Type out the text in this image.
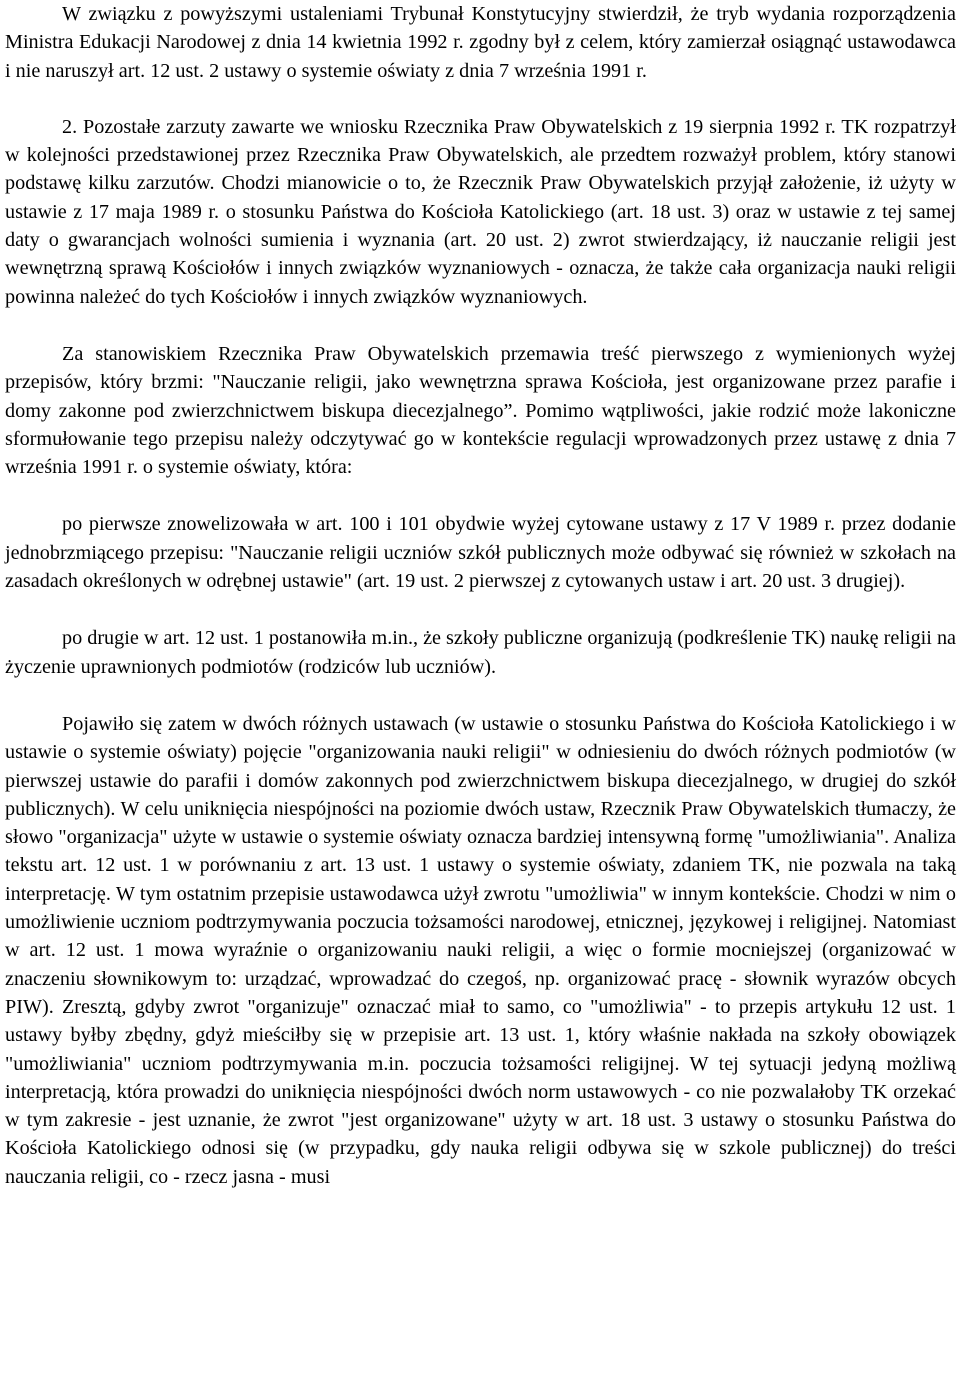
W związku z powyższymi ustaleniami Trybunał Konstytucyjny stwierdził, że tryb wydania rozporządzenia Ministra Edukacji Narodowej z dnia 14 kwietnia 1992 r. zgodny był z celem, który zamierzał osiągnąć ustawodawca i nie naruszył art. 12 ust. 2 ustawy o systemie oświaty z dnia 7 września 1991 r.

2. Pozostałe zarzuty zawarte we wniosku Rzecznika Praw Obywatelskich z 19 sierpnia 1992 r. TK rozpatrzył w kolejności przedstawionej przez Rzecznika Praw Obywatelskich, ale przedtem rozważył problem, który stanowi podstawę kilku zarzutów. Chodzi mianowicie o to, że Rzecznik Praw Obywatelskich przyjął założenie, iż użyty w ustawie z 17 maja 1989 r. o stosunku Państwa do Kościoła Katolickiego (art. 18 ust. 3) oraz w ustawie z tej samej daty o gwarancjach wolności sumienia i wyznania (art. 20 ust. 2) zwrot stwierdzający, iż nauczanie religii jest wewnętrzną sprawą Kościołów i innych związków wyznaniowych - oznacza, że także cała organizacja nauki religii powinna należeć do tych Kościołów i innych związków wyznaniowych.

Za stanowiskiem Rzecznika Praw Obywatelskich przemawia treść pierwszego z wymienionych wyżej przepisów, który brzmi: "Nauczanie religii, jako wewnętrzna sprawa Kościoła, jest organizowane przez parafie i domy zakonne pod zwierzchnictwem biskupa diecezjalnego”. Pomimo wątpliwości, jakie rodzić może lakoniczne sformułowanie tego przepisu należy odczytywać go w kontekście regulacji wprowadzonych przez ustawę z dnia 7 września 1991 r. o systemie oświaty, która:

po pierwsze znowelizowała w art. 100 i 101 obydwie wyżej cytowane ustawy z 17 V 1989 r. przez dodanie jednobrzmiącego przepisu: "Nauczanie religii uczniów szkół publicznych może odbywać się również w szkołach na zasadach określonych w odrębnej ustawie" (art. 19 ust. 2 pierwszej z cytowanych ustaw i art. 20 ust. 3 drugiej).

po drugie w art. 12 ust. 1 postanowiła m.in., że szkoły publiczne organizują (podkreślenie TK) naukę religii na życzenie uprawnionych podmiotów (rodziców lub uczniów).

Pojawiło się zatem w dwóch różnych ustawach (w ustawie o stosunku Państwa do Kościoła Katolickiego i w ustawie o systemie oświaty) pojęcie "organizowania nauki religii" w odniesieniu do dwóch różnych podmiotów (w pierwszej ustawie do parafii i domów zakonnych pod zwierzchnictwem biskupa diecezjalnego, w drugiej do szkół publicznych). W celu uniknięcia niespójności na poziomie dwóch ustaw, Rzecznik Praw Obywatelskich tłumaczy, że słowo "organizacja" użyte w ustawie o systemie oświaty oznacza bardziej intensywną formę "umożliwiania". Analiza tekstu art. 12 ust. 1 w porównaniu z art. 13 ust. 1 ustawy o systemie oświaty, zdaniem TK, nie pozwala na taką interpretację. W tym ostatnim przepisie ustawodawca użył zwrotu "umożliwia" w innym kontekście. Chodzi w nim o umożliwienie uczniom podtrzymywania poczucia tożsamości narodowej, etnicznej, językowej i religijnej. Natomiast w art. 12 ust. 1 mowa wyraźnie o organizowaniu nauki religii, a więc o formie mocniejszej (organizować w znaczeniu słownikowym to: urządzać, wprowadzać do czegoś, np. organizować pracę - słownik wyrazów obcych PIW). Zresztą, gdyby zwrot "organizuje" oznaczać miał to samo, co "umożliwia" - to przepis artykułu 12 ust. 1 ustawy byłby zbędny, gdyż mieściłby się w przepisie art. 13 ust. 1, który właśnie nakłada na szkoły obowiązek "umożliwiania" uczniom podtrzymywania m.in. poczucia tożsamości religijnej. W tej sytuacji jedyną możliwą interpretacją, która prowadzi do uniknięcia niespójności dwóch norm ustawowych - co nie pozwalałoby TK orzekać w tym zakresie - jest uznanie, że zwrot "jest organizowane" użyty w art. 18 ust. 3 ustawy o stosunku Państwa do Kościoła Katolickiego odnosi się (w przypadku, gdy nauka religii odbywa się w szkole publicznej) do treści nauczania religii, co - rzecz jasna - musi
